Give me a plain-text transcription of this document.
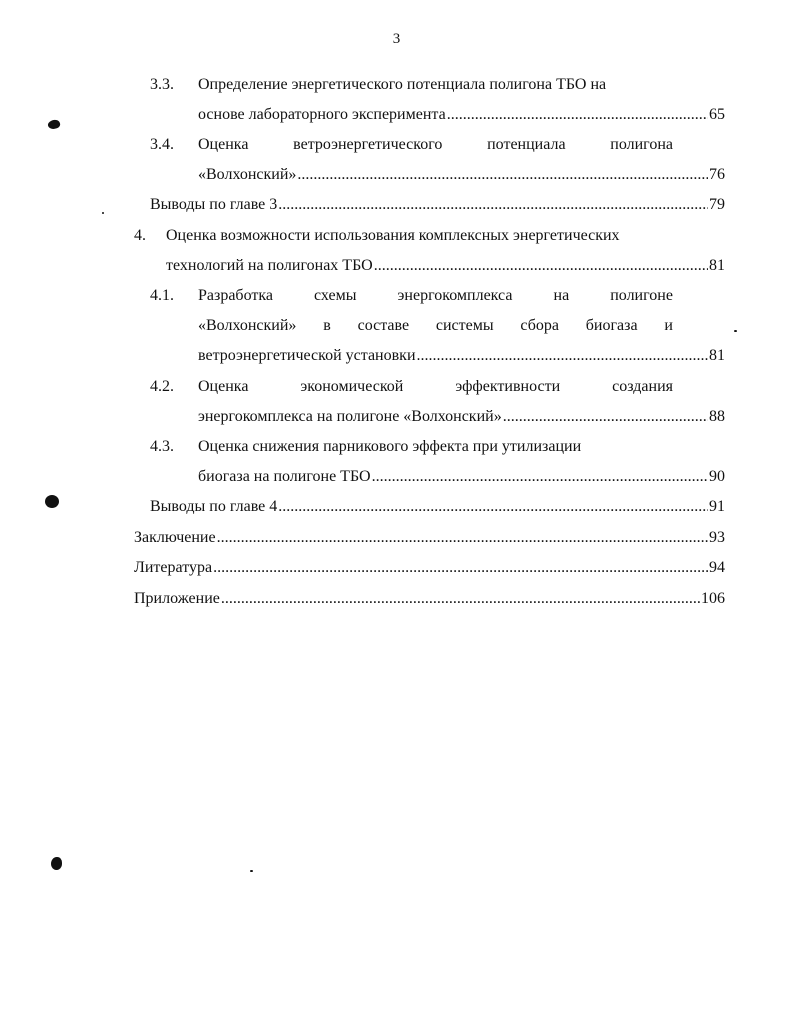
3
3.3. Определение энергетического потенциала полигона ТБО на
основе лабораторного эксперимента .....	65
3.4. Оценка	ветроэнергетического	потенциала	полигона
«Волхонский» .....	76
Выводы по главе 3 .....	79
4. Оценка возможности использования комплексных энергетических
технологий на полигонах ТБО .....	81
4.1. Разработка	схемы	энергокомплекса	на	полигоне
«Волхонский» в составе системы сбора биогаза и
ветроэнергетической установки .....	81
4.2. Оценка	экономической	эффективности	создания
энергокомплекса на полигоне «Волхонский» .....	88
4.3. Оценка снижения парникового эффекта при утилизации
биогаза на полигоне ТБО .....	90
Выводы по главе 4 .....	91
Заключение .....	93
Литература .....	94
Приложение .....	106
